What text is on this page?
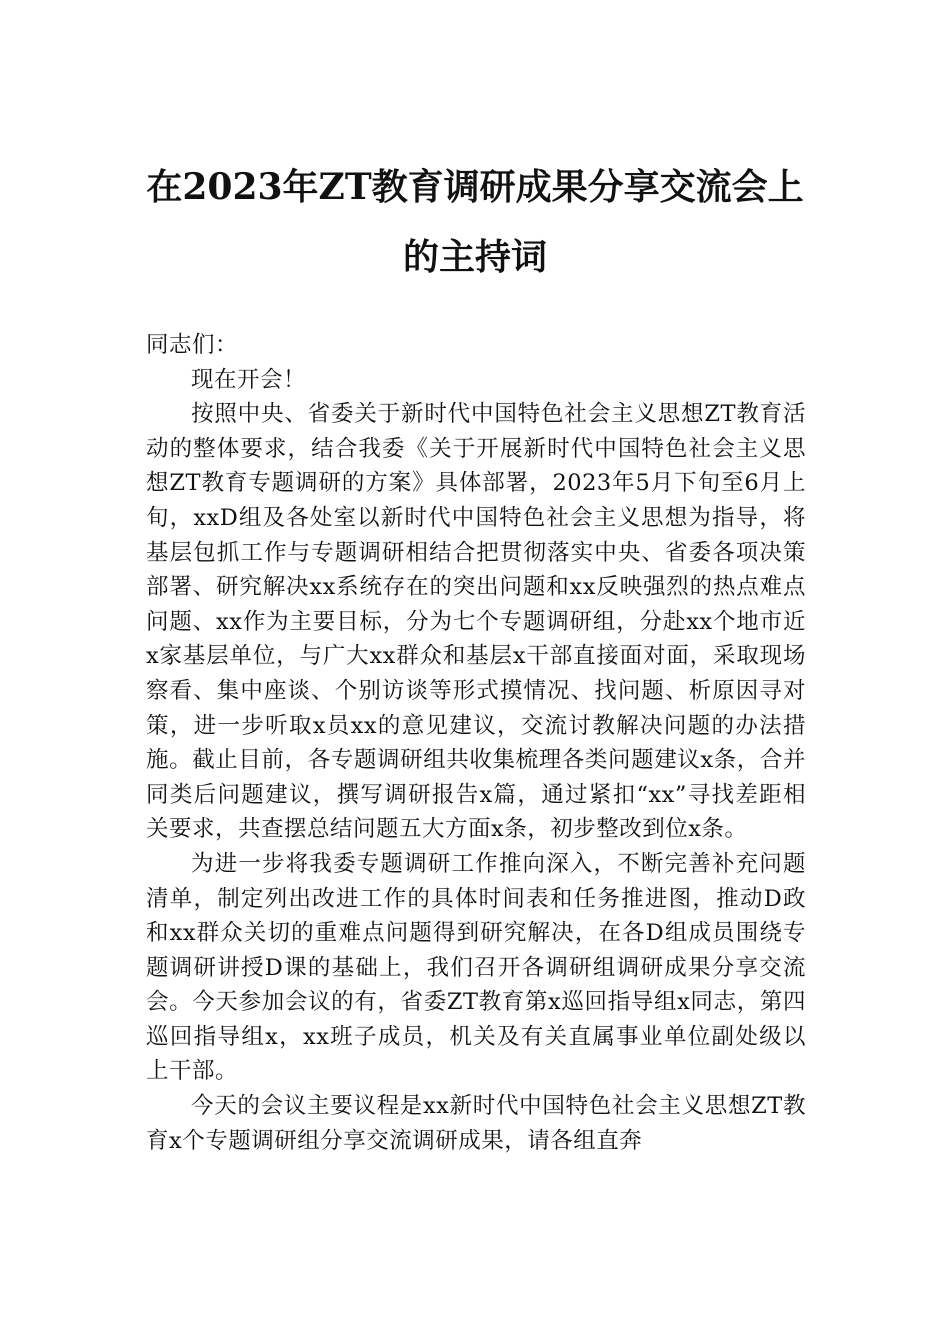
在2023年ZT教育调研成果分享交流会上的主持词

同志们：

现在开会！

按照中央、省委关于新时代中国特色社会主义思想ZT教育活动的整体要求，结合我委《关于开展新时代中国特色社会主义思想ZT教育专题调研的方案》具体部署，2023年5月下旬至6月上旬，xxD组及各处室以新时代中国特色社会主义思想为指导，将基层包抓工作与专题调研相结合把贯彻落实中央、省委各项决策部署、研究解决xx系统存在的突出问题和xx反映强烈的热点难点问题、xx作为主要目标，分为七个专题调研组，分赴xx个地市近x家基层单位，与广大xx群众和基层x干部直接面对面，采取现场察看、集中座谈、个别访谈等形式摸情况、找问题、析原因寻对策，进一步听取x员xx的意见建议，交流讨教解决问题的办法措施。截止目前，各专题调研组共收集梳理各类问题建议x条，合并同类后问题建议，撰写调研报告x篇，通过紧扣“xx”寻找差距相关要求，共查摆总结问题五大方面x条，初步整改到位x条。

为进一步将我委专题调研工作推向深入，不断完善补充问题清单，制定列出改进工作的具体时间表和任务推进图，推动D政和xx群众关切的重难点问题得到研究解决，在各D组成员围绕专题调研讲授D课的基础上，我们召开各调研组调研成果分享交流会。今天参加会议的有，省委ZT教育第x巡回指导组x同志，第四巡回指导组x，xx班子成员，机关及有关直属事业单位副处级以上干部。

今天的会议主要议程是xx新时代中国特色社会主义思想ZT教育x个专题调研组分享交流调研成果，请各组直奔
